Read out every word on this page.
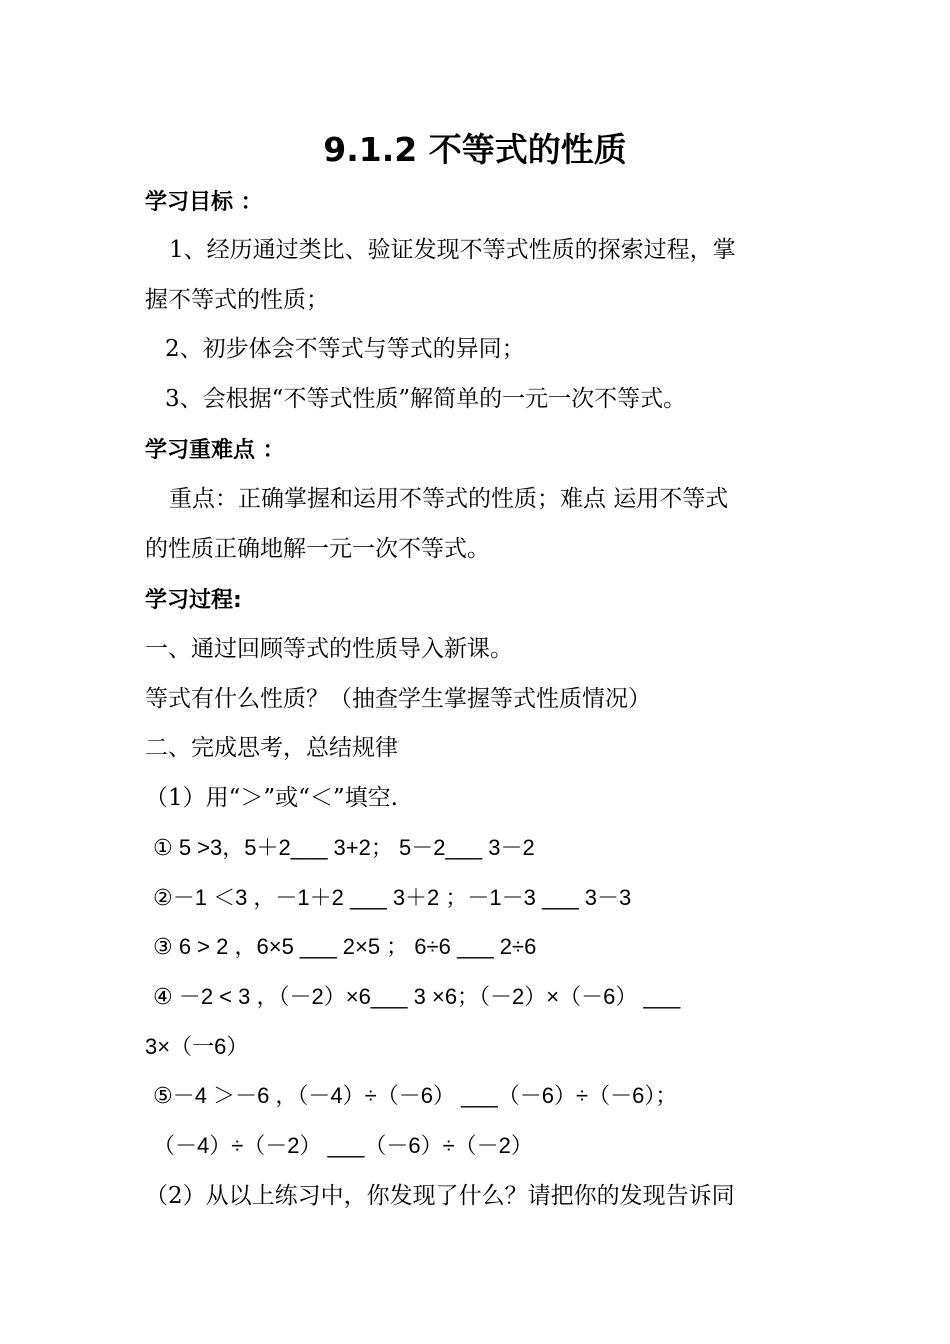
9.1.2 不等式的性质
学习目标 ：
1、经历通过类比、验证发现不等式性质的探索过程，掌
握不等式的性质；
2、初步体会不等式与等式的异同；
3、会根据“不等式性质”解简单的一元一次不等式。
学习重难点 ：
重点：正确掌握和运用不等式的性质；难点 运用不等式
的性质正确地解一元一次不等式。
学习过程:
一、通过回顾等式的性质导入新课。
等式有什么性质？（抽查学生掌握等式性质情况）
二、完成思考，总结规律
（1）用“＞”或“＜”填空.
① 5 >3，5＋2___ 3+2； 5－2___ 3－2
②－1 ＜3 ，－1＋2 ___ 3＋2 ；－1－3 ___ 3－3
③ 6 > 2 ，6×5 ___ 2×5 ； 6÷6 ___ 2÷6
④ －2 < 3 ，（－2）×6___ 3 ×6；（－2）×（－6） ___
3×（一6）
⑤－4 ＞－6 ，（－4）÷（－6） ___（－6）÷（－6）；
（－4）÷（－2） ___（－6）÷（－2）
（2）从以上练习中，你发现了什么？请把你的发现告诉同
